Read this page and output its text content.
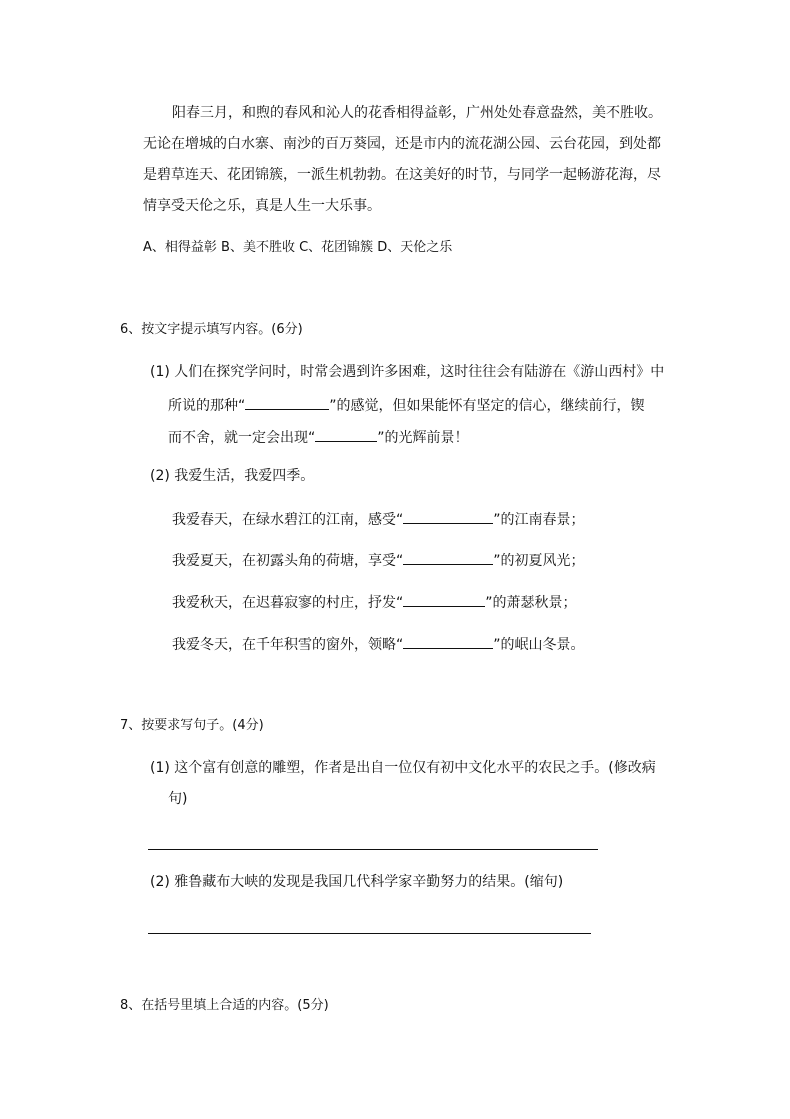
阳春三月，和煦的春风和沁人的花香相得益彰，广州处处春意盎然，美不胜收。
无论在增城的白水寨、南沙的百万葵园，还是市内的流花湖公园、云台花园，到处都
是碧草连天、花团锦簇，一派生机勃勃。在这美好的时节，与同学一起畅游花海，尽
情享受天伦之乐，真是人生一大乐事。
A、相得益彰 B、美不胜收 C、花团锦簇 D、天伦之乐
6、按文字提示填写内容。(6分)
(1) 人们在探究学问时，时常会遇到许多困难，这时往往会有陆游在《游山西村》中
所说的那种“	”的感觉，但如果能怀有坚定的信心，继续前行，锲
而不舍，就一定会出现“	”的光辉前景！
(2) 我爱生活，我爱四季。
我爱春天，在绿水碧江的江南，感受“	”的江南春景；
我爱夏天，在初露头角的荷塘，享受“	”的初夏风光；
我爱秋天，在迟暮寂寥的村庄，抒发“	”的萧瑟秋景；
我爱冬天，在千年积雪的窗外，领略“	”的岷山冬景。
7、按要求写句子。(4分)
(1) 这个富有创意的雕塑，作者是出自一位仅有初中文化水平的农民之手。(修改病
句)
(2) 雅鲁藏布大峡的发现是我国几代科学家辛勤努力的结果。(缩句)
8、在括号里填上合适的内容。(5分)
